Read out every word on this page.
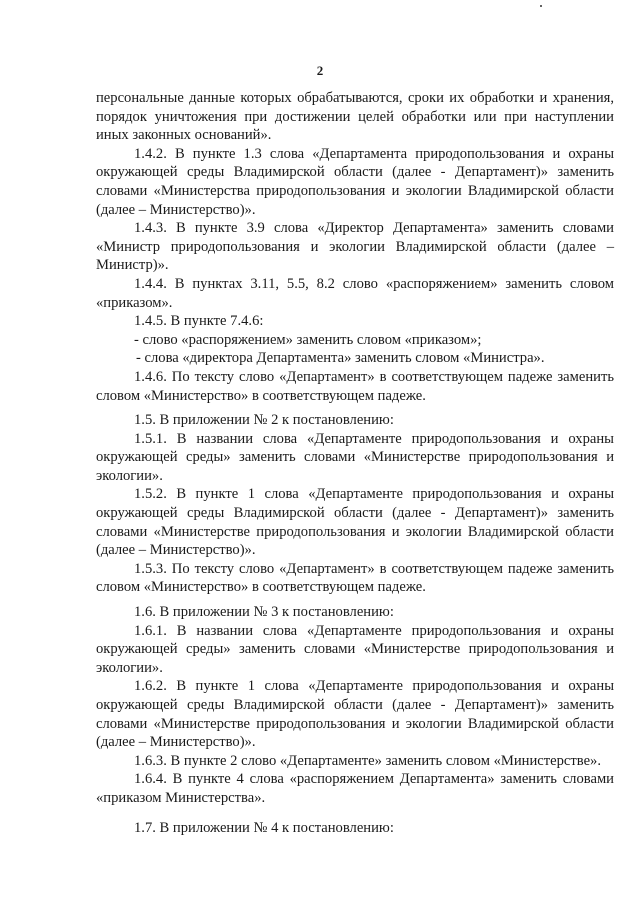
2

персональные данные которых обрабатываются, сроки их обработки и хранения, порядок уничтожения при достижении целей обработки или при наступлении иных законных оснований».

1.4.2. В пункте 1.3 слова «Департамента природопользования и охраны окружающей среды Владимирской области (далее - Департамент)» заменить словами «Министерства природопользования и экологии Владимирской области (далее – Министерство)».

1.4.3. В пункте 3.9 слова «Директор Департамента» заменить словами «Министр природопользования и экологии Владимирской области (далее – Министр)».

1.4.4. В пунктах 3.11, 5.5, 8.2 слово «распоряжением» заменить словом «приказом».

1.4.5. В пункте 7.4.6:

- слово «распоряжением» заменить словом «приказом»;

- слова «директора Департамента» заменить словом «Министра».

1.4.6. По тексту слово «Департамент» в соответствующем падеже заменить словом «Министерство» в соответствующем падеже.

1.5. В приложении № 2 к постановлению:

1.5.1. В названии слова «Департаменте природопользования и охраны окружающей среды» заменить словами «Министерстве природопользования и экологии».

1.5.2. В пункте 1 слова «Департаменте природопользования и охраны окружающей среды Владимирской области (далее - Департамент)» заменить словами «Министерстве природопользования и экологии Владимирской области (далее – Министерство)».

1.5.3. По тексту слово «Департамент» в соответствующем падеже заменить словом «Министерство» в соответствующем падеже.

1.6. В приложении № 3 к постановлению:

1.6.1. В названии слова «Департаменте природопользования и охраны окружающей среды» заменить словами «Министерстве природопользования и экологии».

1.6.2. В пункте 1 слова «Департаменте природопользования и охраны окружающей среды Владимирской области (далее - Департамент)» заменить словами «Министерстве природопользования и экологии Владимирской области (далее – Министерство)».

1.6.3. В пункте 2 слово «Департаменте» заменить словом «Министерстве».

1.6.4. В пункте 4 слова «распоряжением Департамента» заменить словами «приказом Министерства».

1.7. В приложении № 4 к постановлению:
